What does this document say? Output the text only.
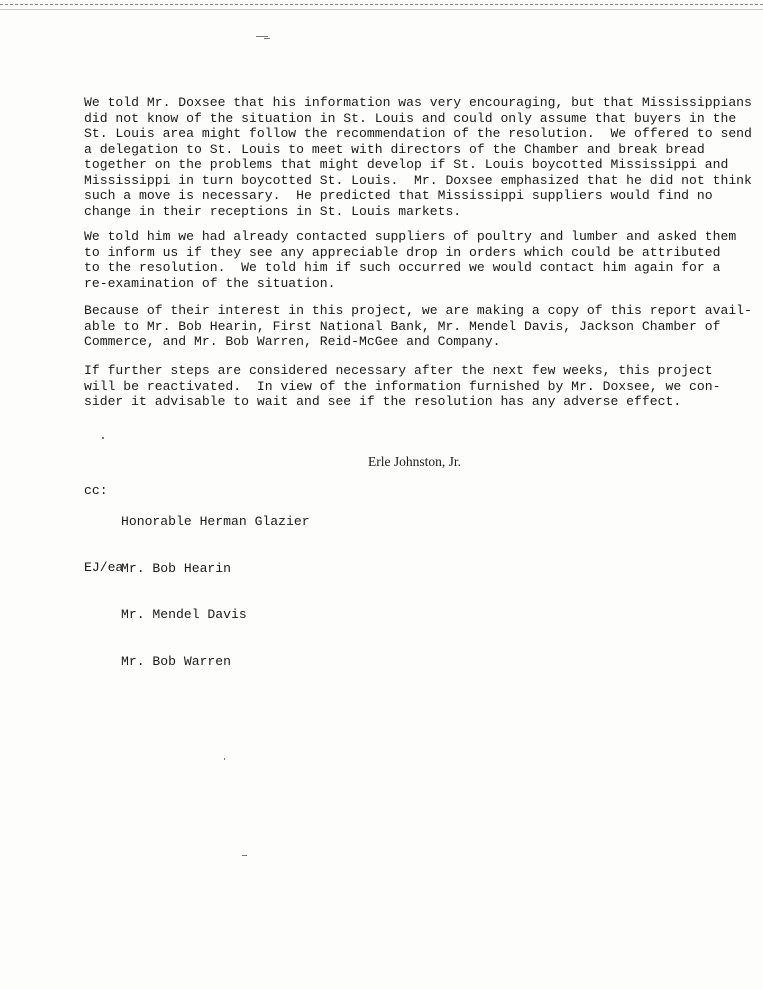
We told Mr. Doxsee that his information was very encouraging, but that Mississippians
did not know of the situation in St. Louis and could only assume that buyers in the
St. Louis area might follow the recommendation of the resolution.  We offered to send
a delegation to St. Louis to meet with directors of the Chamber and break bread
together on the problems that might develop if St. Louis boycotted Mississippi and
Mississippi in turn boycotted St. Louis.  Mr. Doxsee emphasized that he did not think
such a move is necessary.  He predicted that Mississippi suppliers would find no
change in their receptions in St. Louis markets.

We told him we had already contacted suppliers of poultry and lumber and asked them
to inform us if they see any appreciable drop in orders which could be attributed
to the resolution.  We told him if such occurred we would contact him again for a
re-examination of the situation.

Because of their interest in this project, we are making a copy of this report avail-
able to Mr. Bob Hearin, First National Bank, Mr. Mendel Davis, Jackson Chamber of
Commerce, and Mr. Bob Warren, Reid-McGee and Company.

If further steps are considered necessary after the next few weeks, this project
will be reactivated.  In view of the information furnished by Mr. Doxsee, we con-
sider it advisable to wait and see if the resolution has any adverse effect.

Erle Johnston, Jr.
cc:

Honorable Herman Glazier

Mr. Bob Hearin

Mr. Mendel Davis

Mr. Bob Warren

EJ/ea
